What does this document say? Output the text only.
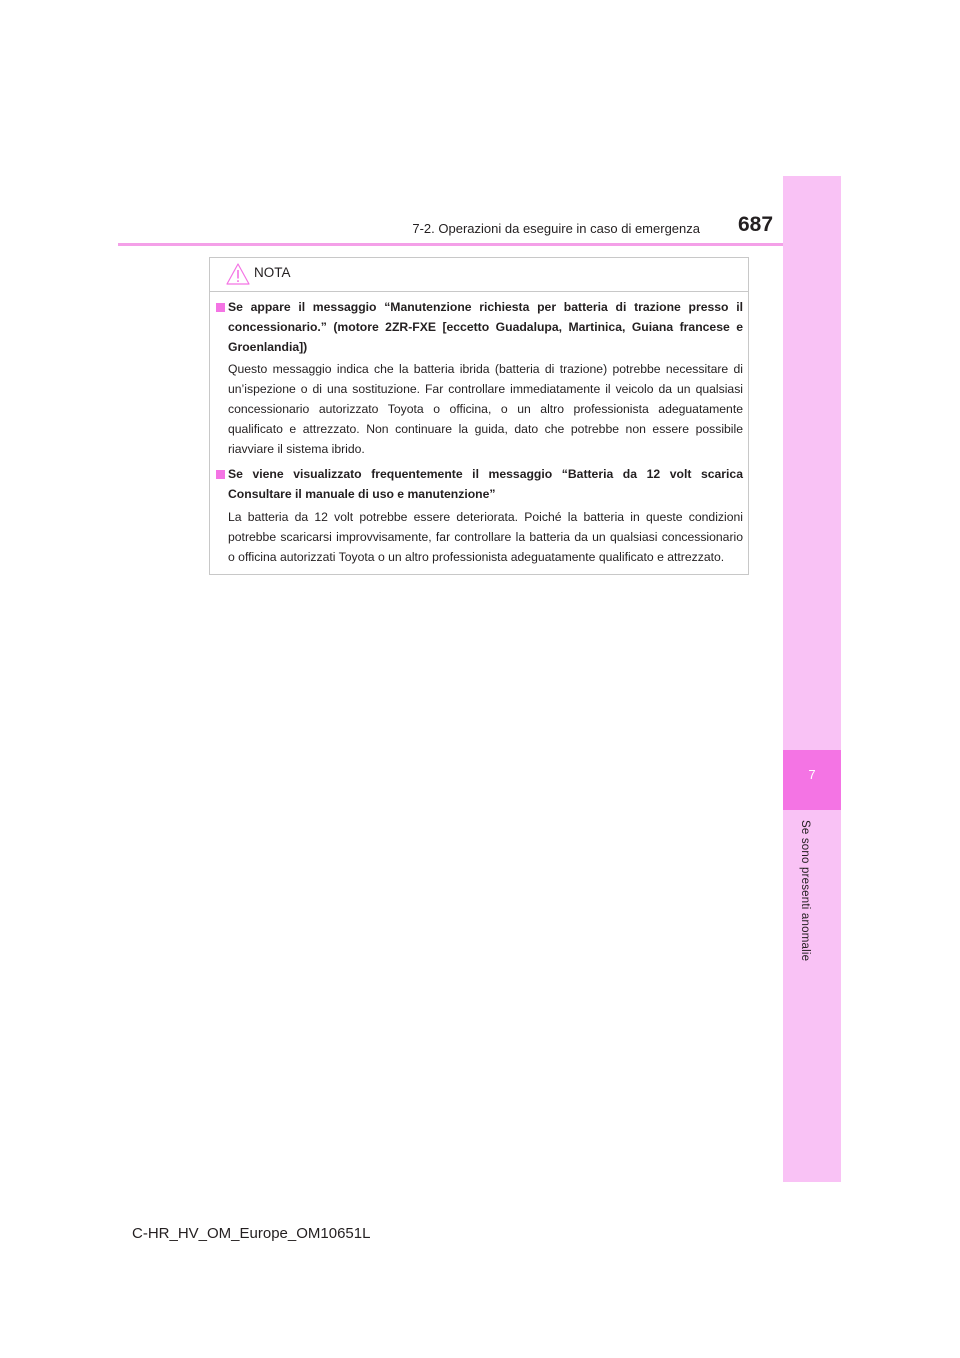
7-2. Operazioni da eseguire in caso di emergenza 687
7
Se sono presenti anomalie
NOTA

Se appare il messaggio “Manutenzione richiesta per batteria di trazione presso il concessionario.” (motore 2ZR-FXE [eccetto Guadalupa, Martinica, Guiana francese e Groenlandia])

Questo messaggio indica che la batteria ibrida (batteria di trazione) potrebbe necessitare di un’ispezione o di una sostituzione. Far controllare immediatamente il veicolo da un qualsiasi concessionario autorizzato Toyota o officina, o un altro professionista adeguatamente qualificato e attrezzato. Non continuare la guida, dato che potrebbe non essere possibile riavviare il sistema ibrido.

Se viene visualizzato frequentemente il messaggio “Batteria da 12 volt scarica Consultare il manuale di uso e manutenzione”

La batteria da 12 volt potrebbe essere deteriorata. Poiché la batteria in queste condizioni potrebbe scaricarsi improvvisamente, far controllare la batteria da un qualsiasi concessionario o officina autorizzati Toyota o un altro professionista adeguatamente qualificato e attrezzato.

C-HR_HV_OM_Europe_OM10651L
